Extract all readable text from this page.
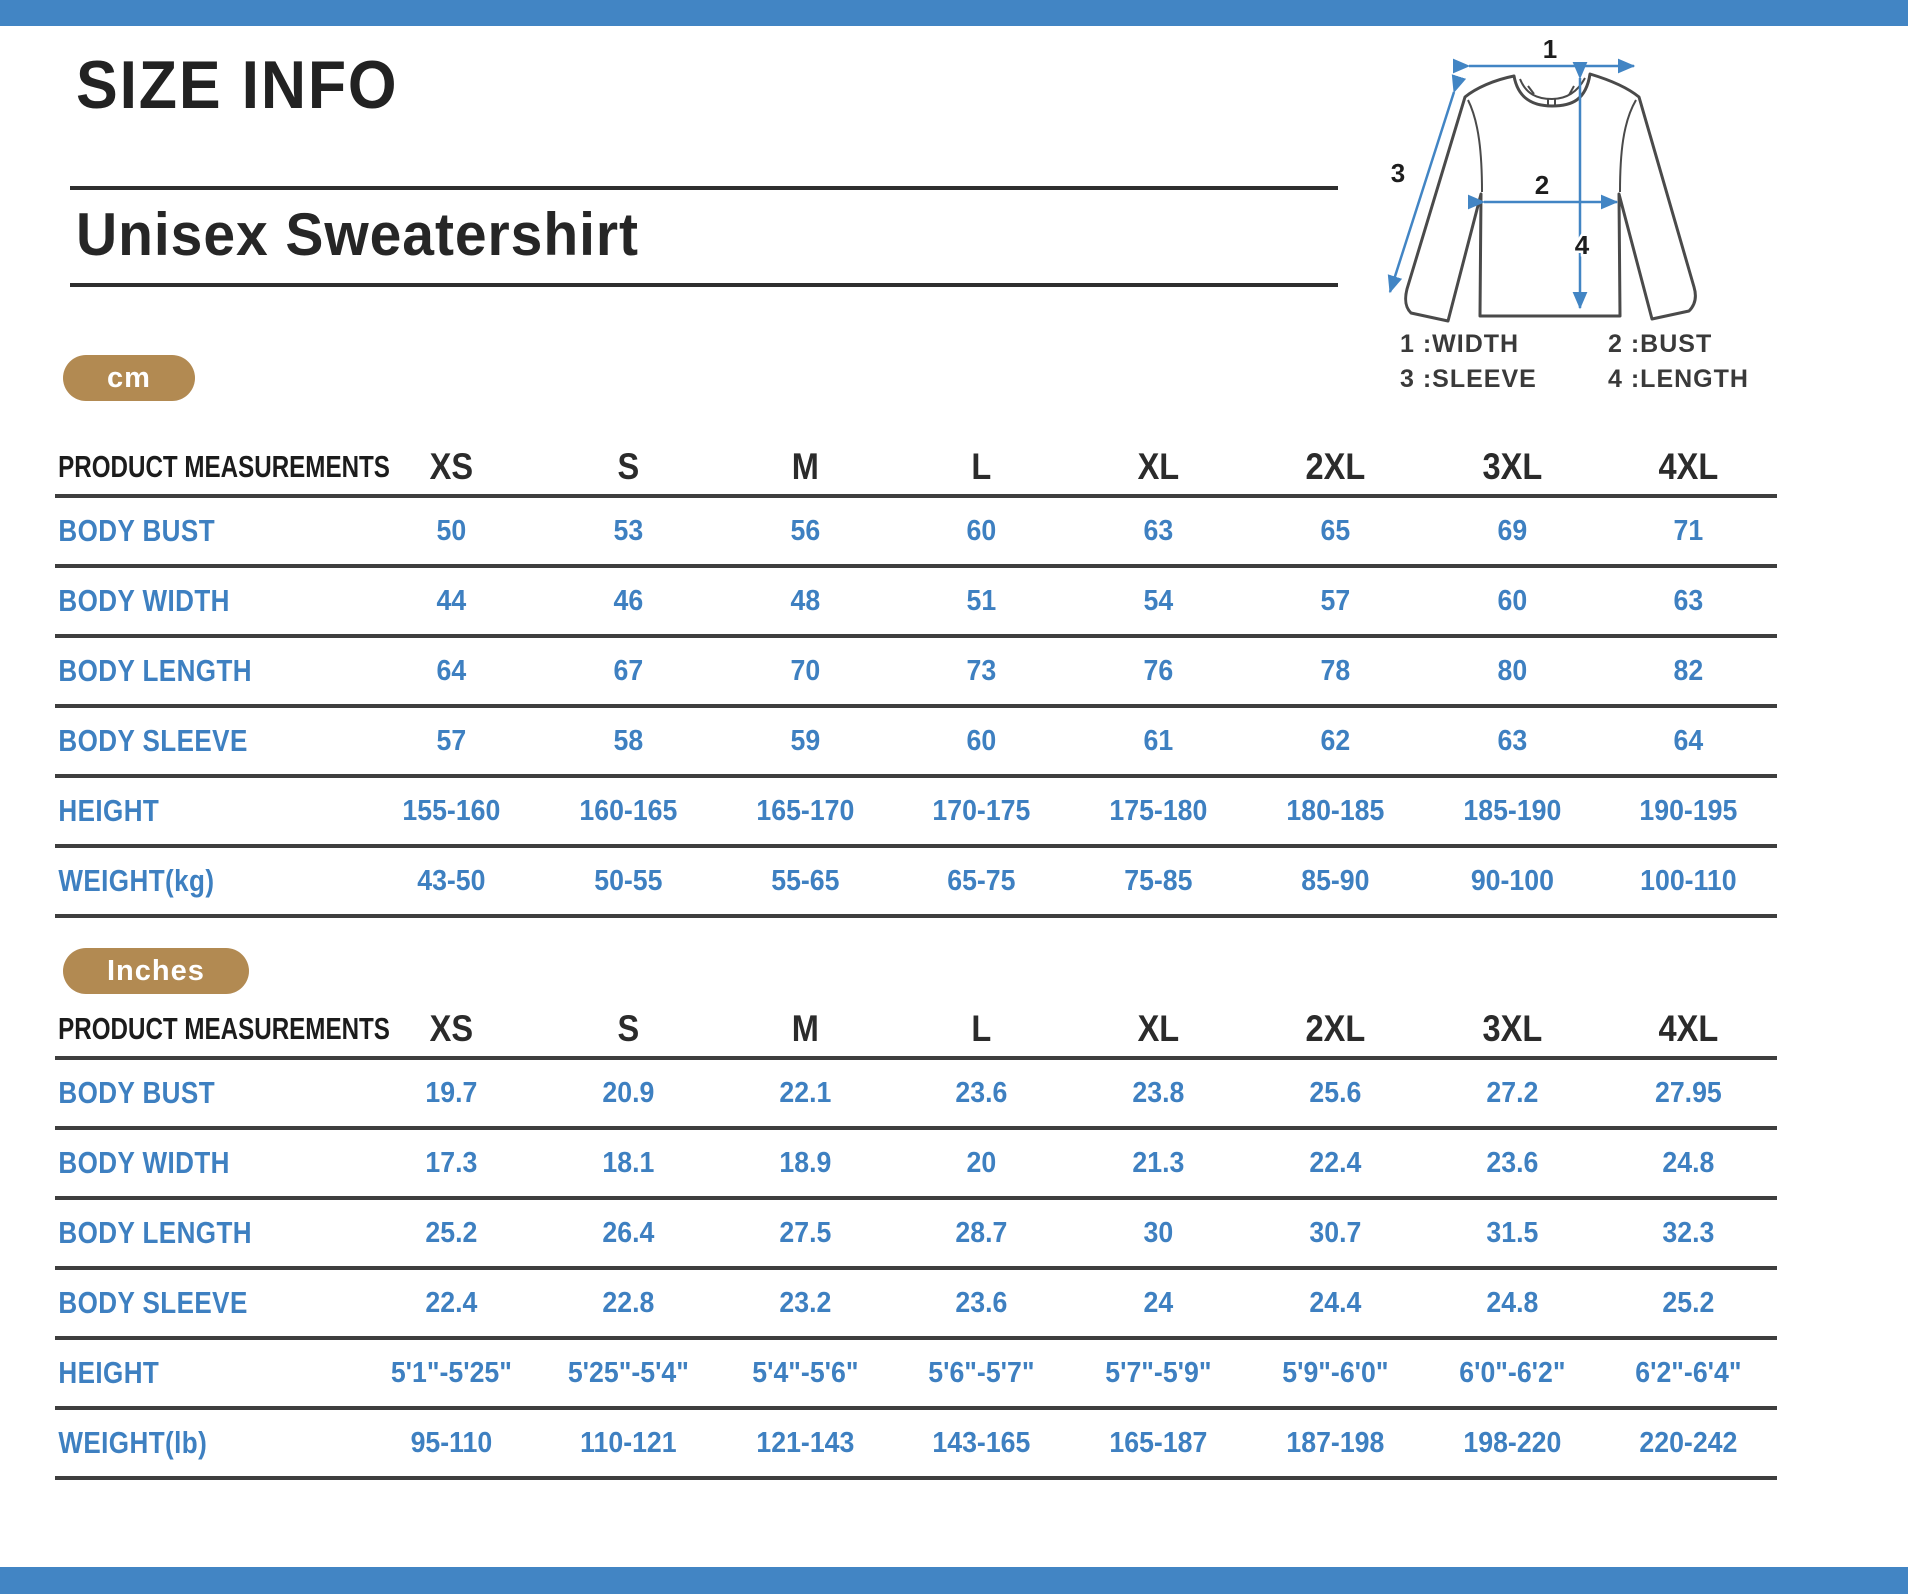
SIZE INFO
Unisex Sweatershirt
1
2
3
4
1 :WIDTH	2 :BUST
3 :SLEEVE	4 :LENGTH
cm
PRODUCT MEASUREMENTS	XS	S	M	L	XL	2XL	3XL	4XL
BODY BUST	50	53	56	60	63	65	69	71
BODY WIDTH	44	46	48	51	54	57	60	63
BODY LENGTH	64	67	70	73	76	78	80	82
BODY SLEEVE	57	58	59	60	61	62	63	64
HEIGHT	155-160	160-165	165-170	170-175	175-180	180-185	185-190	190-195
WEIGHT(kg)	43-50	50-55	55-65	65-75	75-85	85-90	90-100	100-110
Inches
PRODUCT MEASUREMENTS	XS	S	M	L	XL	2XL	3XL	4XL
BODY BUST	19.7	20.9	22.1	23.6	23.8	25.6	27.2	27.95
BODY WIDTH	17.3	18.1	18.9	20	21.3	22.4	23.6	24.8
BODY LENGTH	25.2	26.4	27.5	28.7	30	30.7	31.5	32.3
BODY SLEEVE	22.4	22.8	23.2	23.6	24	24.4	24.8	25.2
HEIGHT	5'1"-5'25"	5'25"-5'4"	5'4"-5'6"	5'6"-5'7"	5'7"-5'9"	5'9"-6'0"	6'0"-6'2"	6'2"-6'4"
WEIGHT(lb)	95-110	110-121	121-143	143-165	165-187	187-198	198-220	220-242
